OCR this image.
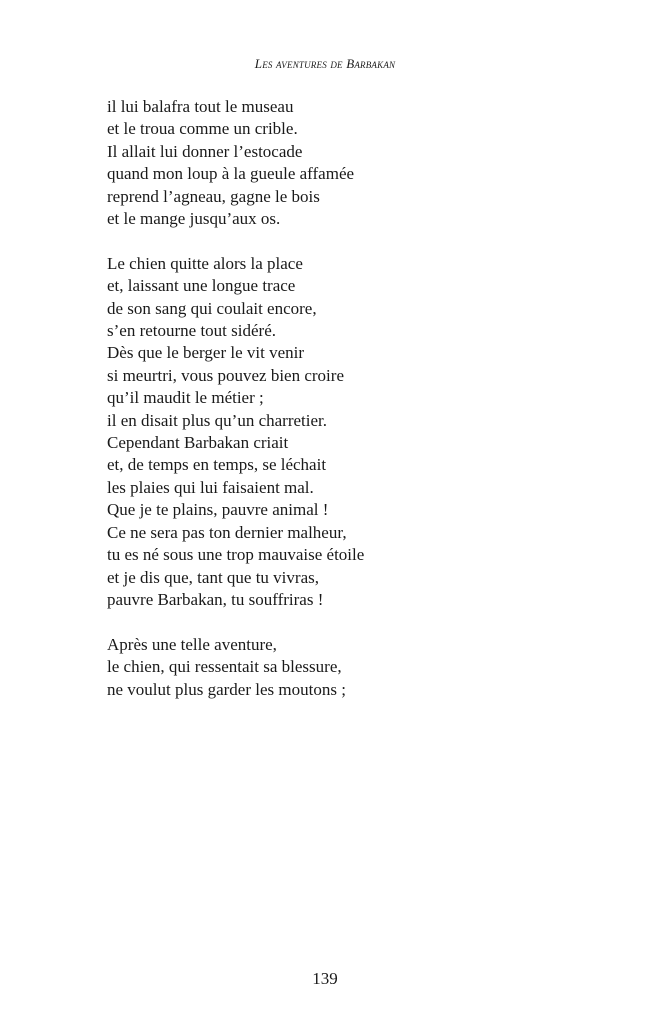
Les aventures de Barbakan
il lui balafra tout le museau
et le troua comme un crible.
Il allait lui donner l’estocade
quand mon loup à la gueule affamée
reprend l’agneau, gagne le bois
et le mange jusqu’aux os.
Le chien quitte alors la place
et, laissant une longue trace
de son sang qui coulait encore,
s’en retourne tout sidéré.
Dès que le berger le vit venir
si meurtri, vous pouvez bien croire
qu’il maudit le métier ;
il en disait plus qu’un charretier.
Cependant Barbakan criait
et, de temps en temps, se léchait
les plaies qui lui faisaient mal.
Que je te plains, pauvre animal !
Ce ne sera pas ton dernier malheur,
tu es né sous une trop mauvaise étoile
et je dis que, tant que tu vivras,
pauvre Barbakan, tu souffriras !
Après une telle aventure,
le chien, qui ressentait sa blessure,
ne voulut plus garder les moutons ;
139
